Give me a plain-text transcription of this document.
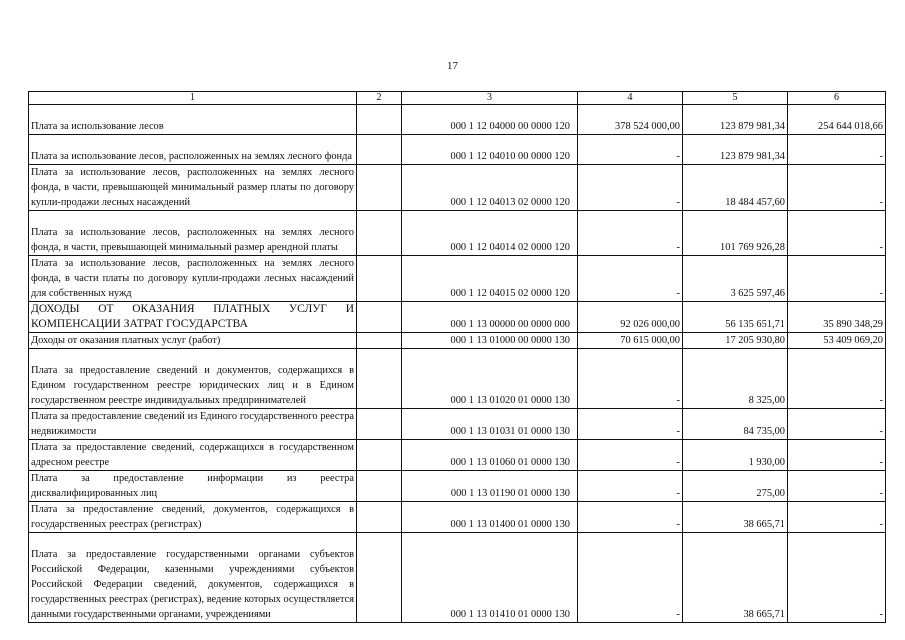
17
1	2	3	4	5	6
Плата за использование лесов		000 1 12 04000 00 0000 120	378 524 000,00	123 879 981,34	254 644 018,66
Плата за использование лесов, расположенных на землях лесного фонда		000 1 12 04010 00 0000 120	-	123 879 981,34	-
Плата за использование лесов, расположенных на землях лесного фонда, в части, превышающей минимальный размер платы по договору купли-продажи лесных насаждений		000 1 12 04013 02 0000 120	-	18 484 457,60	-
Плата за использование лесов, расположенных на землях лесного фонда, в части, превышающей минимальный размер арендной платы		000 1 12 04014 02 0000 120	-	101 769 926,28	-
Плата за использование лесов, расположенных на землях лесного фонда, в части платы по договору купли-продажи лесных насаждений для собственных нужд		000 1 12 04015 02 0000 120	-	3 625 597,46	-
ДОХОДЫ ОТ ОКАЗАНИЯ ПЛАТНЫХ УСЛУГ И КОМПЕНСАЦИИ ЗАТРАТ ГОСУДАРСТВА		000 1 13 00000 00 0000 000	92 026 000,00	56 135 651,71	35 890 348,29
Доходы от оказания платных услуг (работ)		000 1 13 01000 00 0000 130	70 615 000,00	17 205 930,80	53 409 069,20
Плата за предоставление сведений и документов, содержащихся в Едином государственном реестре юридических лиц и в Едином государственном реестре индивидуальных предпринимателей		000 1 13 01020 01 0000 130	-	8 325,00	-
Плата за предоставление сведений из Единого государственного реестра недвижимости		000 1 13 01031 01 0000 130	-	84 735,00	-
Плата за предоставление сведений, содержащихся в государственном адресном реестре		000 1 13 01060 01 0000 130	-	1 930,00	-
Плата за предоставление информации из реестра дисквалифицированных лиц		000 1 13 01190 01 0000 130	-	275,00	-
Плата за предоставление сведений, документов, содержащихся в государственных реестрах (регистрах)		000 1 13 01400 01 0000 130	-	38 665,71	-
Плата за предоставление государственными органами субъектов Российской Федерации, казенными учреждениями субъектов Российской Федерации сведений, документов, содержащихся в государственных реестрах (регистрах), ведение которых осуществляется данными государственными органами, учреждениями		000 1 13 01410 01 0000 130	-	38 665,71	-
